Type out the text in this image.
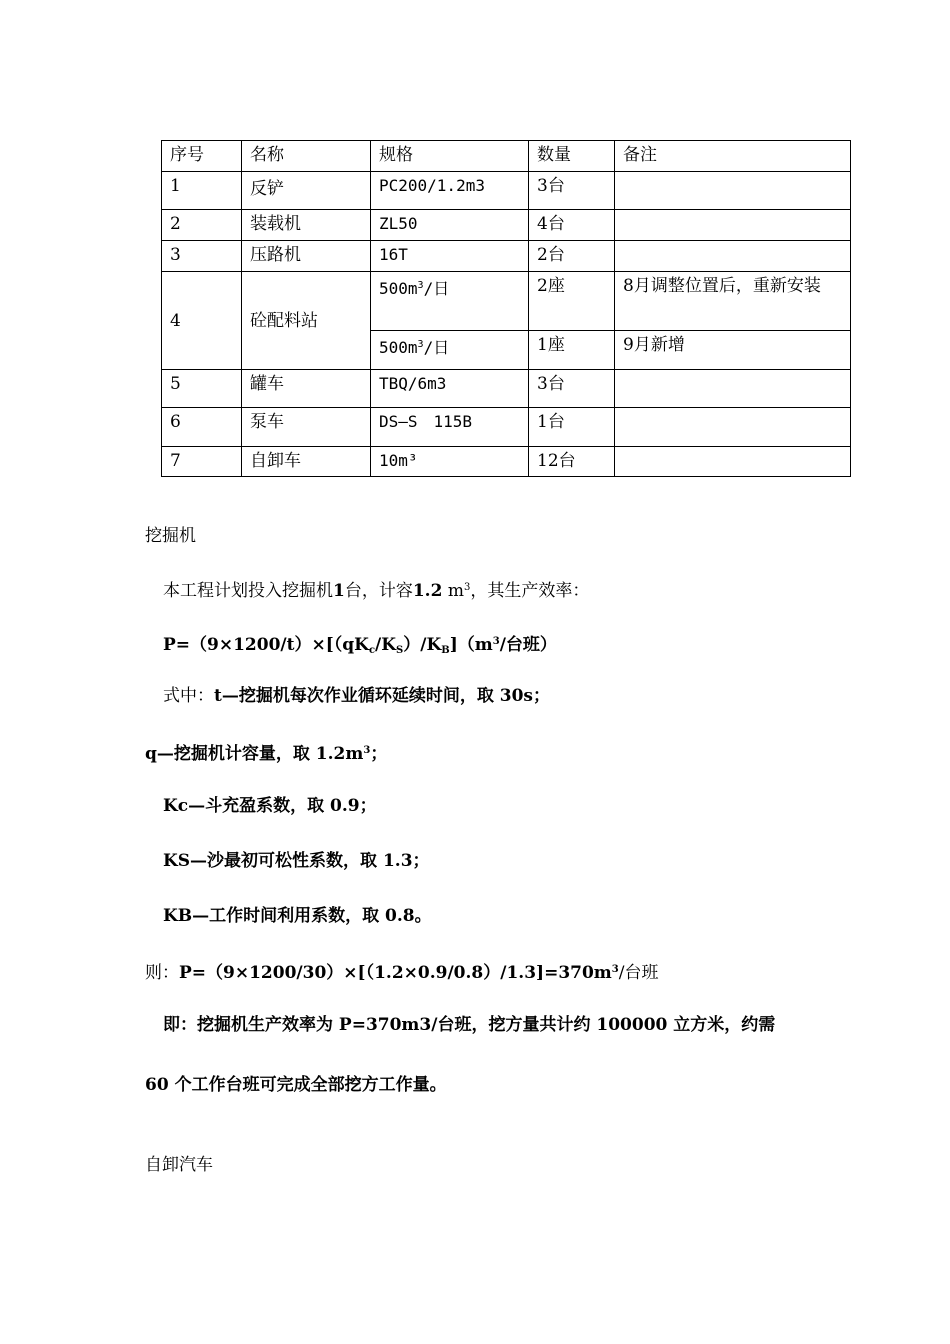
序号	名称	规格	数量	备注
1	反铲	PC200/1.2m3	3台	
2	装载机	ZL50	4台	
3	压路机	16T	2台	
4	砼配料站	$500m^3/$日	2座	8月调整位置后，重新安装
		$500m^3/$日	1座	9月新增
5	罐车	TBQ/6m3	3台	
6	泵车	DS—S　115B	1台	
7	自卸车	10m³	12台	
挖掘机
本工程计划投入挖掘机1台，计容1.2 $m^3$，其生产效率：
$P=(9\times 1200/t)\times[(qK_c/K_S)/K_B](m^3/$台班）
式中：t—挖掘机每次作业循环延续时间，取 30s；
q—挖掘机计容量，取 $1.2m^3$；
Kc—斗充盈系数，取 0.9；
KS—沙最初可松性系数，取 1.3；
KB—工作时间利用系数，取 0.8。
则：$P=(9\times 1200/30)\times[(1.2\times 0.9/0.8)/1.3]=370m^3/$台班
即：挖掘机生产效率为 P=370m3/台班，挖方量共计约 100000 立方米，约需
60 个工作台班可完成全部挖方工作量。
自卸汽车
